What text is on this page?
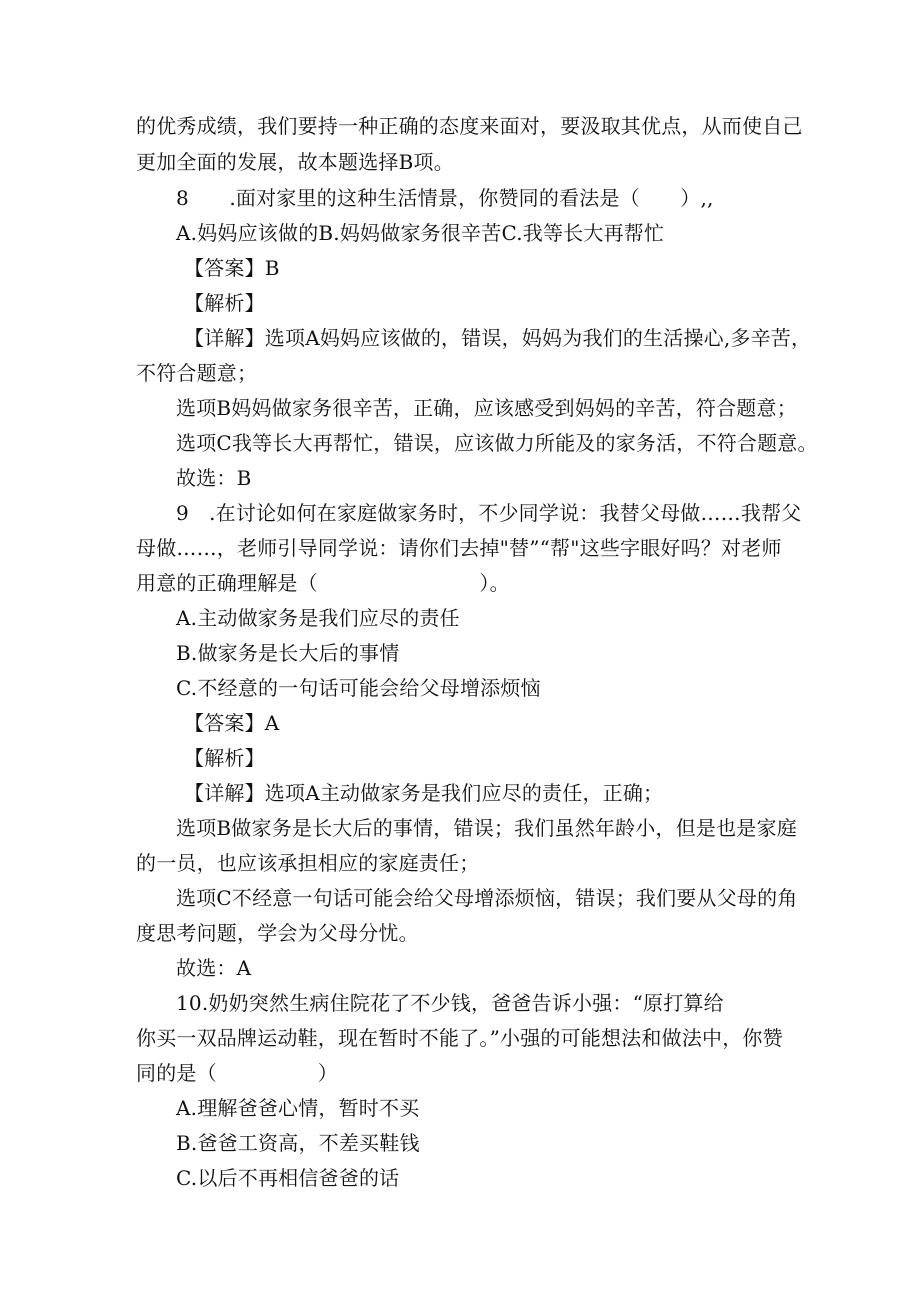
的优秀成绩，我们要持一种正确的态度来面对，要汲取其优点，从而使自己
更加全面的发展，故本题选择B项。
8　　.面对家里的这种生活情景，你赞同的看法是（　　）,,
A.妈妈应该做的B.妈妈做家务很辛苦C.我等长大再帮忙
【答案】B
【解析】
【详解】选项A妈妈应该做的，错误，妈妈为我们的生活操心,多辛苦，
不符合题意；
选项B妈妈做家务很辛苦，正确，应该感受到妈妈的辛苦，符合题意；
选项C我等长大再帮忙，错误，应该做力所能及的家务活，不符合题意。
故选：B
9　.在讨论如何在家庭做家务时，不少同学说：我替父母做……我帮父
母做……，老师引导同学说：请你们去掉"替”“帮"这些字眼好吗？对老师
用意的正确理解是（　　　　　　　　）。
A.主动做家务是我们应尽的责任
B.做家务是长大后的事情
C.不经意的一句话可能会给父母增添烦恼
【答案】A
【解析】
【详解】选项A主动做家务是我们应尽的责任，正确；
选项B做家务是长大后的事情，错误；我们虽然年龄小，但是也是家庭
的一员，也应该承担相应的家庭责任；
选项C不经意一句话可能会给父母增添烦恼，错误；我们要从父母的角
度思考问题，学会为父母分忧。
故选：A
10.奶奶突然生病住院花了不少钱，爸爸告诉小强：“原打算给
你买一双品牌运动鞋，现在暂时不能了。”小强的可能想法和做法中，你赞
同的是（　　　　　）
A.理解爸爸心情，暂时不买
B.爸爸工资高，不差买鞋钱
C.以后不再相信爸爸的话
